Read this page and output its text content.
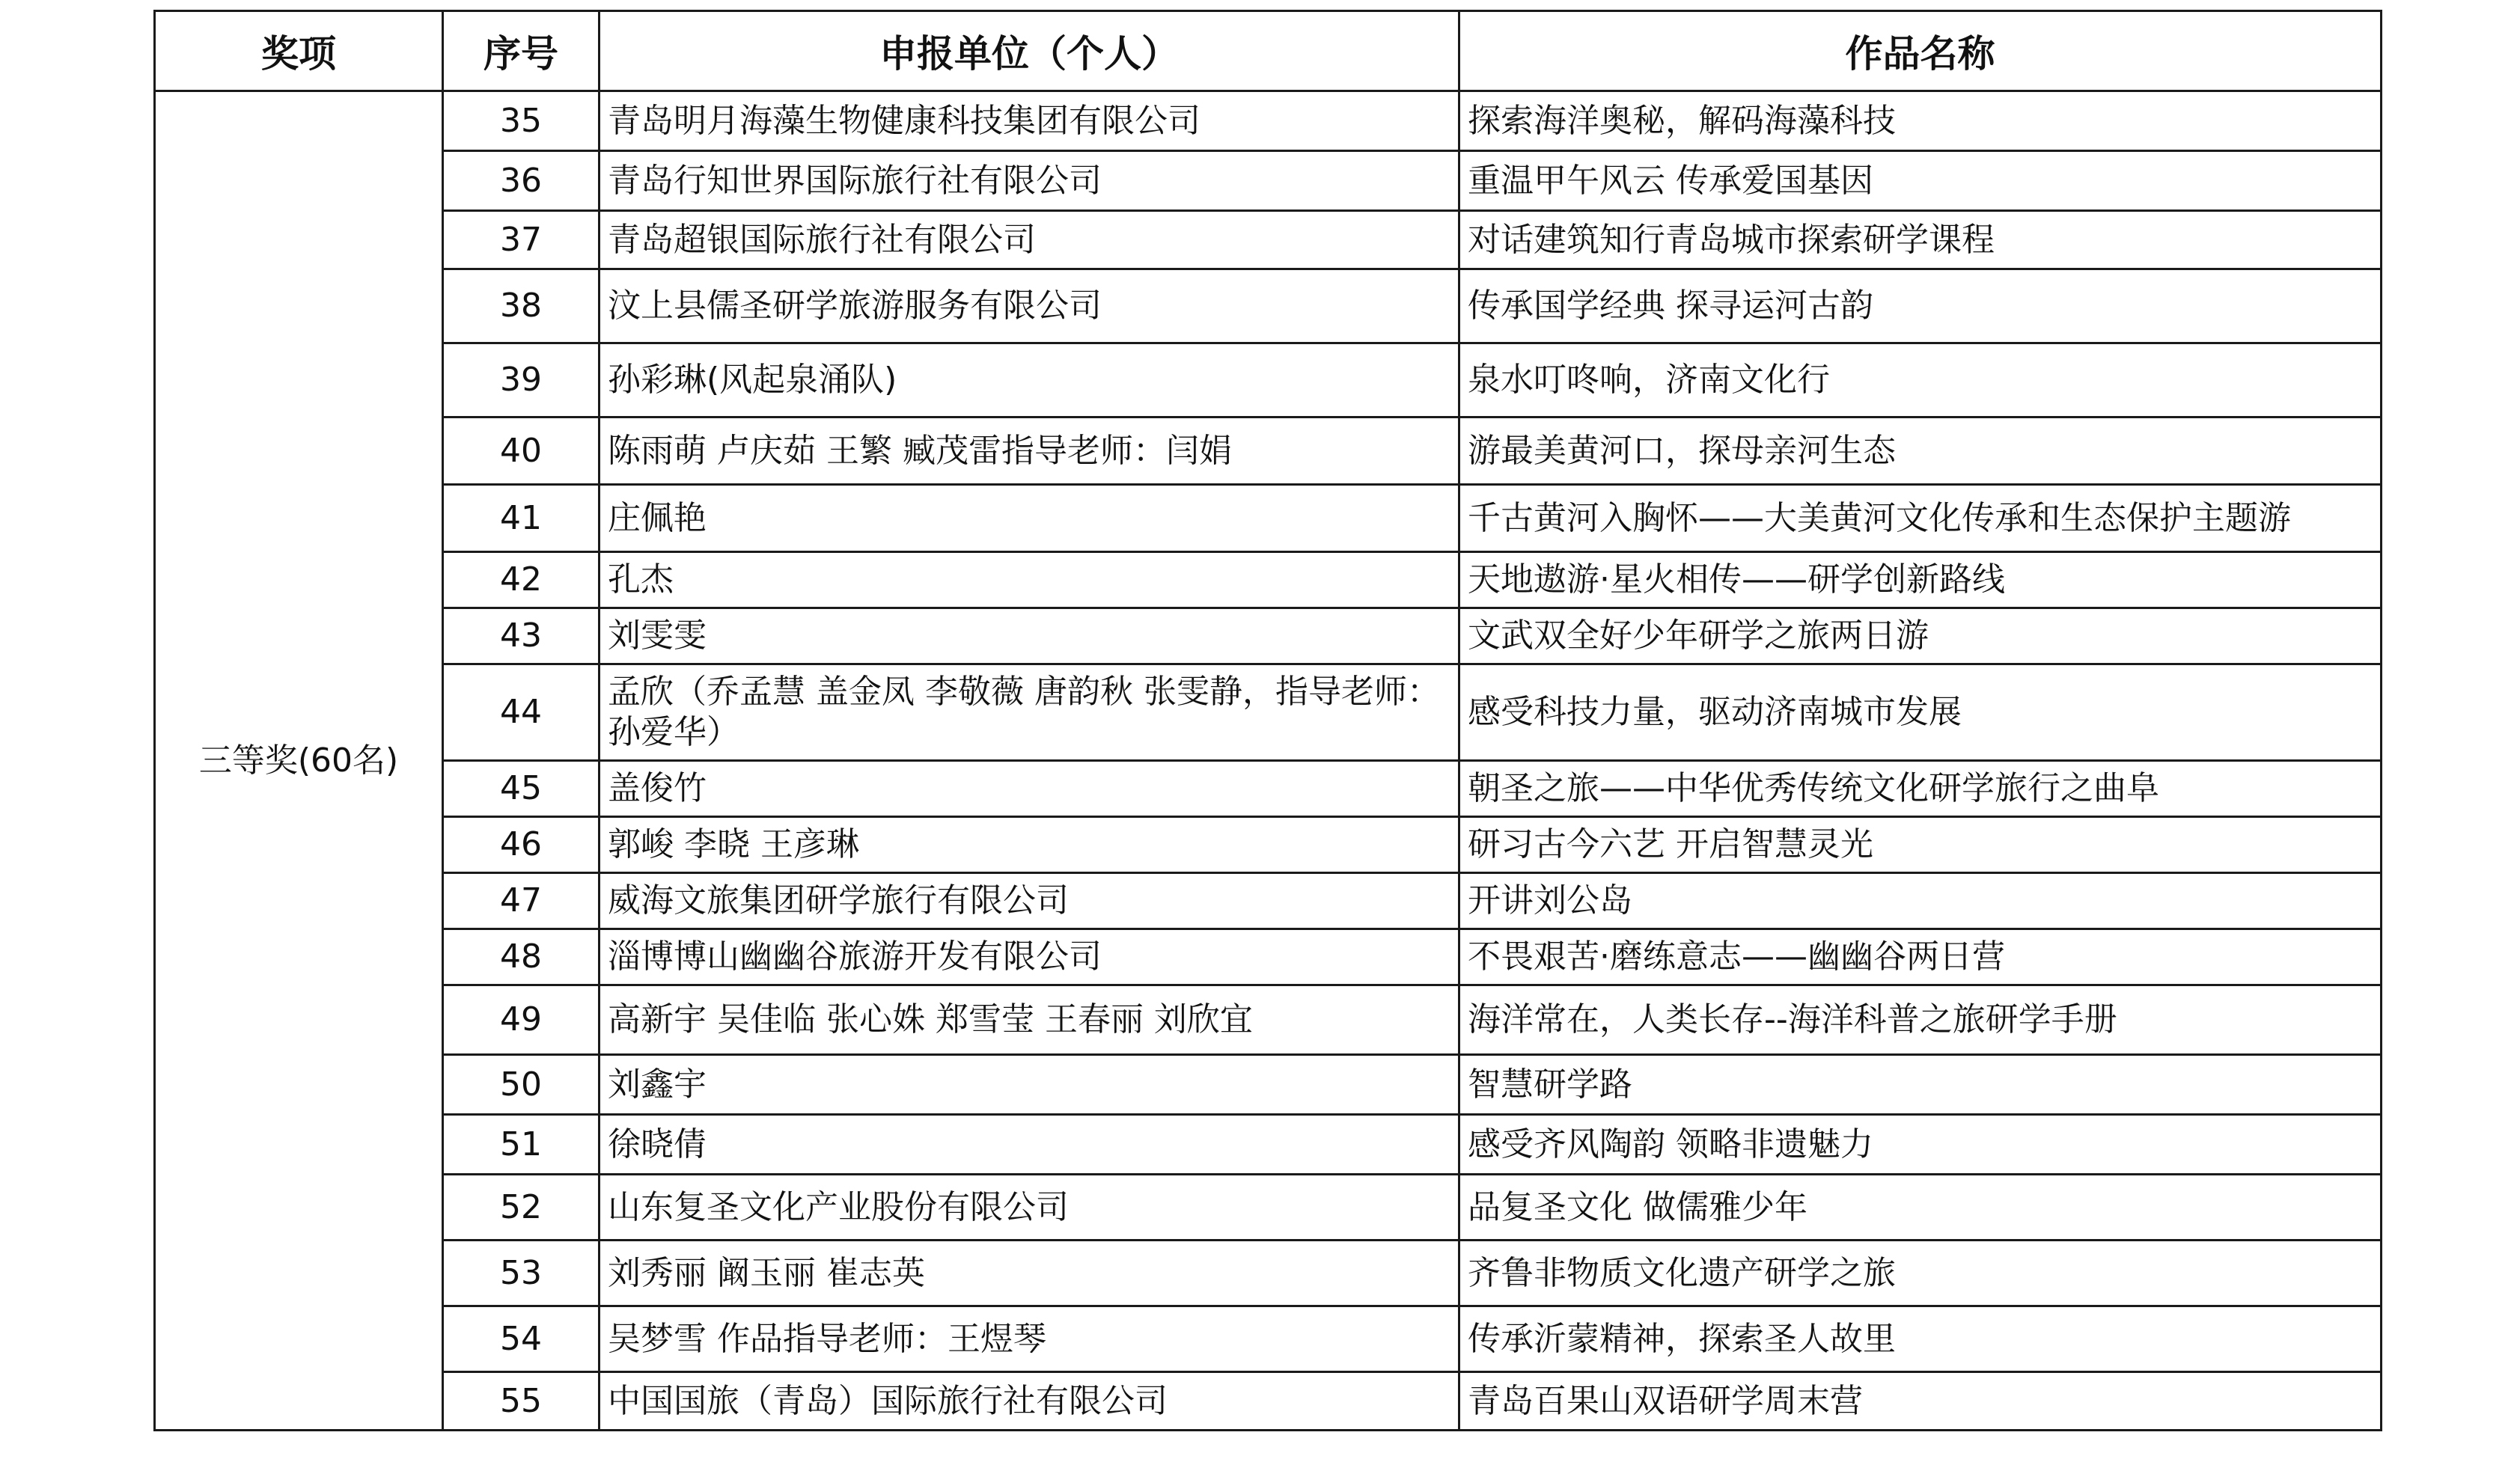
奖项	序号	申报单位（个人）	作品名称
三等奖(60名)	35	青岛明月海藻生物健康科技集团有限公司	探索海洋奥秘，解码海藻科技
	36	青岛行知世界国际旅行社有限公司	重温甲午风云 传承爱国基因
	37	青岛超银国际旅行社有限公司	对话建筑知行青岛城市探索研学课程
	38	汶上县儒圣研学旅游服务有限公司	传承国学经典 探寻运河古韵
	39	孙彩琳(风起泉涌队)	泉水叮咚响，济南文化行
	40	陈雨萌 卢庆茹 王繁 臧茂雷指导老师：闫娟	游最美黄河口，探母亲河生态
	41	庄佩艳	千古黄河入胸怀——大美黄河文化传承和生态保护主题游
	42	孔杰	天地遨游·星火相传——研学创新路线
	43	刘雯雯	文武双全好少年研学之旅两日游
	44	孟欣（乔孟慧 盖金凤 李敬薇 唐韵秋 张雯静，指导老师：孙爱华）	感受科技力量，驱动济南城市发展
	45	盖俊竹	朝圣之旅——中华优秀传统文化研学旅行之曲阜
	46	郭峻 李晓 王彦琳	研习古今六艺 开启智慧灵光
	47	威海文旅集团研学旅行有限公司	开讲刘公岛
	48	淄博博山幽幽谷旅游开发有限公司	不畏艰苦·磨练意志——幽幽谷两日营
	49	高新宇 吴佳临 张心姝 郑雪莹 王春丽 刘欣宜	海洋常在，人类长存--海洋科普之旅研学手册
	50	刘鑫宇	智慧研学路
	51	徐晓倩	感受齐风陶韵 领略非遗魅力
	52	山东复圣文化产业股份有限公司	品复圣文化 做儒雅少年
	53	刘秀丽 阚玉丽 崔志英	齐鲁非物质文化遗产研学之旅
	54	吴梦雪 作品指导老师：王煜琴	传承沂蒙精神，探索圣人故里
	55	中国国旅（青岛）国际旅行社有限公司	青岛百果山双语研学周末营
